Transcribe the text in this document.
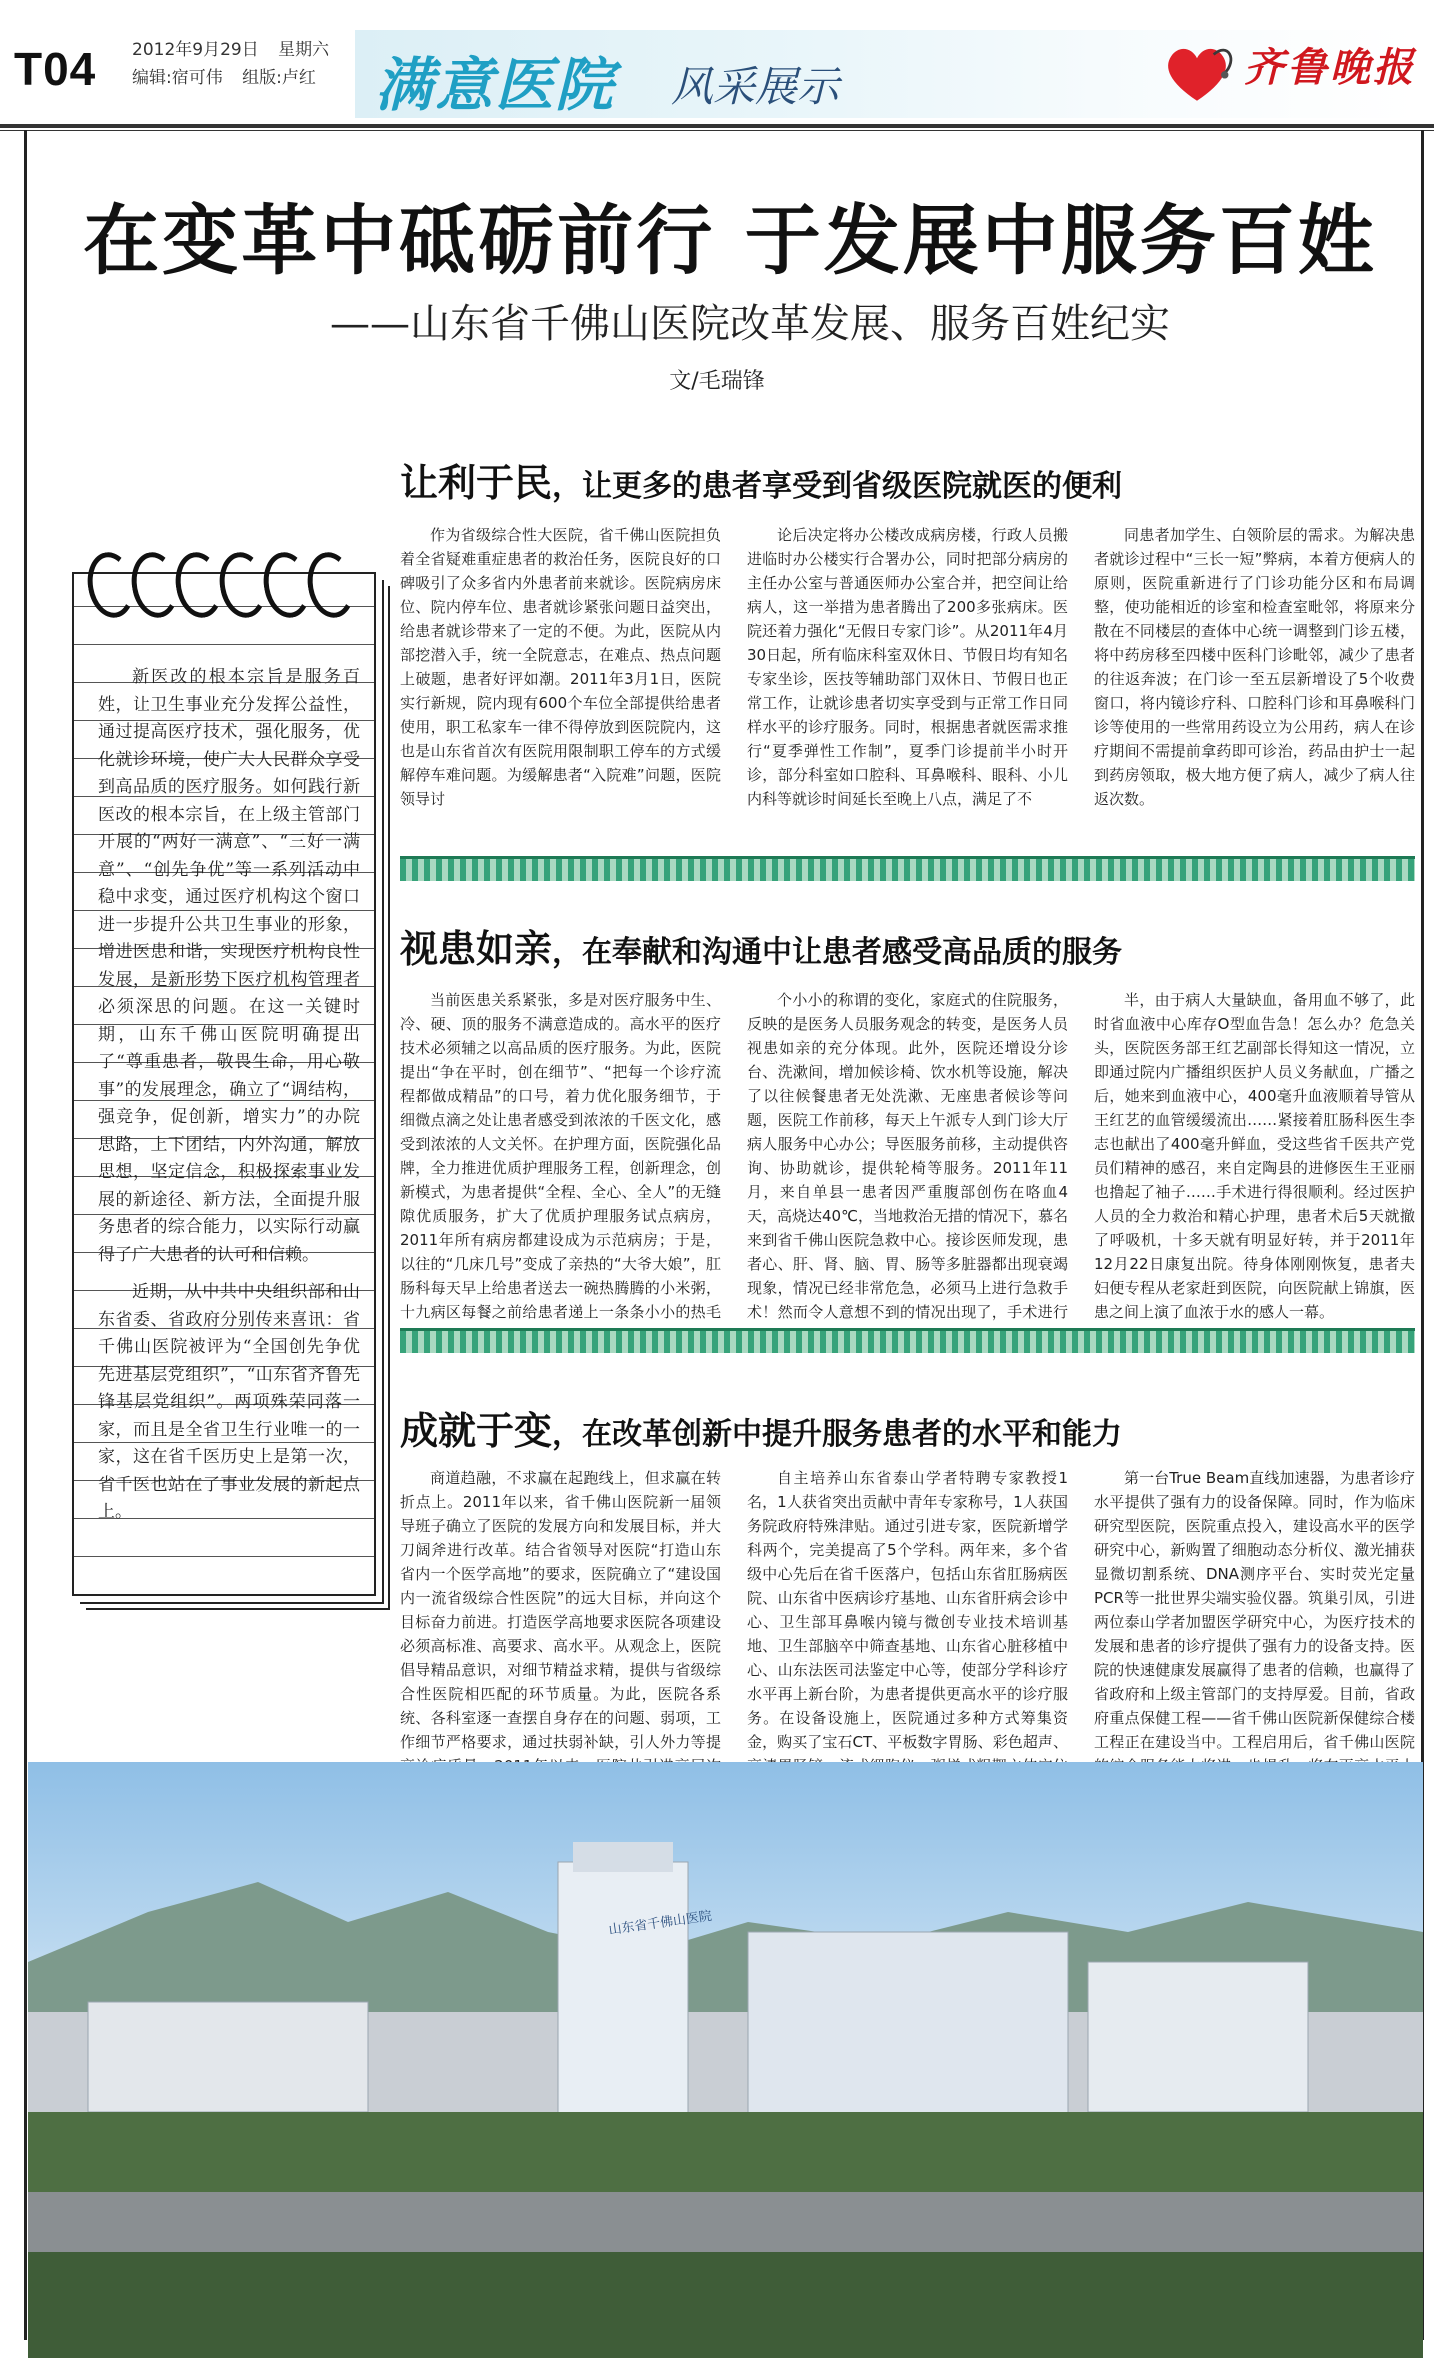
T04 2012年9月29日 星期六
编辑:宿可伟 组版:卢红	满意医院 风采展示	齐鲁晚报
在变革中砥砺前行 于发展中服务百姓
——山东省千佛山医院改革发展、服务百姓纪实
文/毛瑞锋

新医改的根本宗旨是服务百姓，让卫生事业充分发挥公益性，通过提高医疗技术，强化服务，优化就诊环境，使广大人民群众享受到高品质的医疗服务。如何践行新医改的根本宗旨，在上级主管部门开展的“两好一满意”、“三好一满意”、“创先争优”等一系列活动中稳中求变，通过医疗机构这个窗口进一步提升公共卫生事业的形象，增进医患和谐，实现医疗机构良性发展，是新形势下医疗机构管理者必须深思的问题。在这一关键时期，山东千佛山医院明确提出了“尊重患者，敬畏生命，用心敬事”的发展理念，确立了“调结构，强竞争，促创新，增实力”的办院思路，上下团结，内外沟通，解放思想，坚定信念，积极探索事业发展的新途径、新方法，全面提升服务患者的综合能力，以实际行动赢得了广大患者的认可和信赖。

近期，从中共中央组织部和山东省委、省政府分别传来喜讯：省千佛山医院被评为“全国创先争优先进基层党组织”，“山东省齐鲁先锋基层党组织”。两项殊荣同落一家，而且是全省卫生行业唯一的一家，这在省千医历史上是第一次，省千医也站在了事业发展的新起点上。

让利于民，让更多的患者享受到省级医院就医的便利

作为省级综合性大医院，省千佛山医院担负着全省疑难重症患者的救治任务，医院良好的口碑吸引了众多省内外患者前来就诊。医院病房床位、院内停车位、患者就诊紧张问题日益突出，给患者就诊带来了一定的不便。为此，医院从内部挖潜入手，统一全院意志，在难点、热点问题上破题，患者好评如潮。2011年3月1日，医院实行新规，院内现有600个车位全部提供给患者使用，职工私家车一律不得停放到医院院内，这也是山东省首次有医院用限制职工停车的方式缓解停车难问题。为缓解患者“入院难”问题，医院领导讨

论后决定将办公楼改成病房楼，行政人员搬进临时办公楼实行合署办公，同时把部分病房的主任办公室与普通医师办公室合并，把空间让给病人，这一举措为患者腾出了200多张病床。医院还着力强化“无假日专家门诊”。从2011年4月30日起，所有临床科室双休日、节假日均有知名专家坐诊，医技等辅助部门双休日、节假日也正常工作，让就诊患者切实享受到与正常工作日同样水平的诊疗服务。同时，根据患者就医需求推行“夏季弹性工作制”，夏季门诊提前半小时开诊，部分科室如口腔科、耳鼻喉科、眼科、小儿内科等就诊时间延长至晚上八点，满足了不

同患者加学生、白领阶层的需求。为解决患者就诊过程中“三长一短”弊病，本着方便病人的原则，医院重新进行了门诊功能分区和布局调整，使功能相近的诊室和检查室毗邻，将原来分散在不同楼层的查体中心统一调整到门诊五楼，将中药房移至四楼中医科门诊毗邻，减少了患者的往返奔波；在门诊一至五层新增设了5个收费窗口，将内镜诊疗科、口腔科门诊和耳鼻喉科门诊等使用的一些常用药设立为公用药，病人在诊疗期间不需提前拿药即可诊治，药品由护士一起到药房领取，极大地方便了病人，减少了病人往返次数。

视患如亲，在奉献和沟通中让患者感受高品质的服务

当前医患关系紧张，多是对医疗服务中生、冷、硬、顶的服务不满意造成的。高水平的医疗技术必须辅之以高品质的医疗服务。为此，医院提出“争在平时，创在细节”、“把每一个诊疗流程都做成精品”的口号，着力优化服务细节，于细微点滴之处让患者感受到浓浓的千医文化，感受到浓浓的人文关怀。在护理方面，医院强化品牌，全力推进优质护理服务工程，创新理念，创新模式，为患者提供“全程、全心、全人”的无缝隙优质服务，扩大了优质护理服务试点病房，2011年所有病房都建设成为示范病房；于是，以往的“几床几号”变成了亲热的“大爷大娘”，肛肠科每天早上给患者送去一碗热腾腾的小米粥，十九病区每餐之前给患者递上一条条小小的热毛

个小小的称谓的变化，家庭式的住院服务，反映的是医务人员服务观念的转变，是医务人员视患如亲的充分体现。此外，医院还增设分诊台、洗漱间，增加候诊椅、饮水机等设施，解决了以往候餐患者无处洗漱、无座患者候诊等问题，医院工作前移，每天上午派专人到门诊大厅病人服务中心办公；导医服务前移，主动提供咨询、协助就诊，提供轮椅等服务。2011年11月，来自单县一患者因严重腹部创伤在咯血4天，高烧达40℃，当地救治无措的情况下，慕名来到省千佛山医院急救中心。接诊医师发现，患者心、肝、肾、脑、胃、肠等多脏器都出现衰竭现象，情况已经非常危急，必须马上进行急救手术！然而令人意想不到的情况出现了，手术进行

半，由于病人大量缺血，备用血不够了，此时省血液中心库存O型血告急！怎么办？危急关头，医院医务部王红艺副部长得知这一情况，立即通过院内广播组织医护人员义务献血，广播之后，她来到血液中心，400毫升血液顺着导管从王红艺的血管缓缓流出……紧接着肛肠科医生李志也献出了400毫升鲜血，受这些省千医共产党员们精神的感召，来自定陶县的进修医生王亚丽也撸起了袖子……手术进行得很顺利。经过医护人员的全力救治和精心护理，患者术后5天就撤了呼吸机，十多天就有明显好转，并于2011年12月22日康复出院。待身体刚刚恢复，患者夫妇便专程从老家赶到医院，向医院献上锦旗，医患之间上演了血浓于水的感人一幕。

成就于变，在改革创新中提升服务患者的水平和能力

商道趋融，不求赢在起跑线上，但求赢在转折点上。2011年以来，省千佛山医院新一届领导班子确立了医院的发展方向和发展目标，并大刀阔斧进行改革。结合省领导对医院“打造山东省内一个医学高地”的要求，医院确立了“建设国内一流省级综合性医院”的远大目标，并向这个目标奋力前进。打造医学高地要求医院各项建设必须高标准、高要求、高水平。从观念上，医院倡导精品意识，对细节精益求精，提供与省级综合性医院相匹配的环节质量。为此，医院各系统、各科室逐一查摆自身存在的问题、弱项，工作细节严格要求，通过扶弱补缺，引人外力等提

自主培养山东省泰山学者特聘专家教授1名，1人获省突出贡献中青年专家称号，1人获国务院政府特殊津贴。通过引进专家，医院新增学科两个，完美提高了5个学科。两年来，多个省级中心先后在省千医落户，包括山东省肛肠病医院、山东省中医病诊疗基地、山东省肝病会诊中心、卫生部耳鼻喉内镜与微创专业技术培训基地、卫生部脑卒中筛查基地、山东省心脏移植中心、山东法医司法鉴定中心等，使部分学科诊疗水平再上新台阶，为患者提供更高水平的诊疗服务。在设备设施上，医院通过多种方式筹集资金，购买了宝石CT、平板数字胃肠、彩色超声、

第一台True Beam直线加速器，为患者诊疗水平提供了强有力的设备保障。同时，作为临床研究型医院，医院重点投入，建设高水平的医学研究中心，新购置了细胞动态分析仪、激光捕获显微切割系统、DNA测序平台、实时荧光定量PCR等一批世界尖端实验仪器。筑巢引凤，引进两位泰山学者加盟医学研究中心，为医疗技术的发展和患者的诊疗提供了强有力的设备支持。医院的快速健康发展赢得了患者的信赖，也赢得了省政府和上级主管部门的支持厚爱。目前，省政府重点保健工程——省千佛山医院新保健综合楼工程正在建设当中。工程启用后，省千佛山医院

山东省千佛山医院
